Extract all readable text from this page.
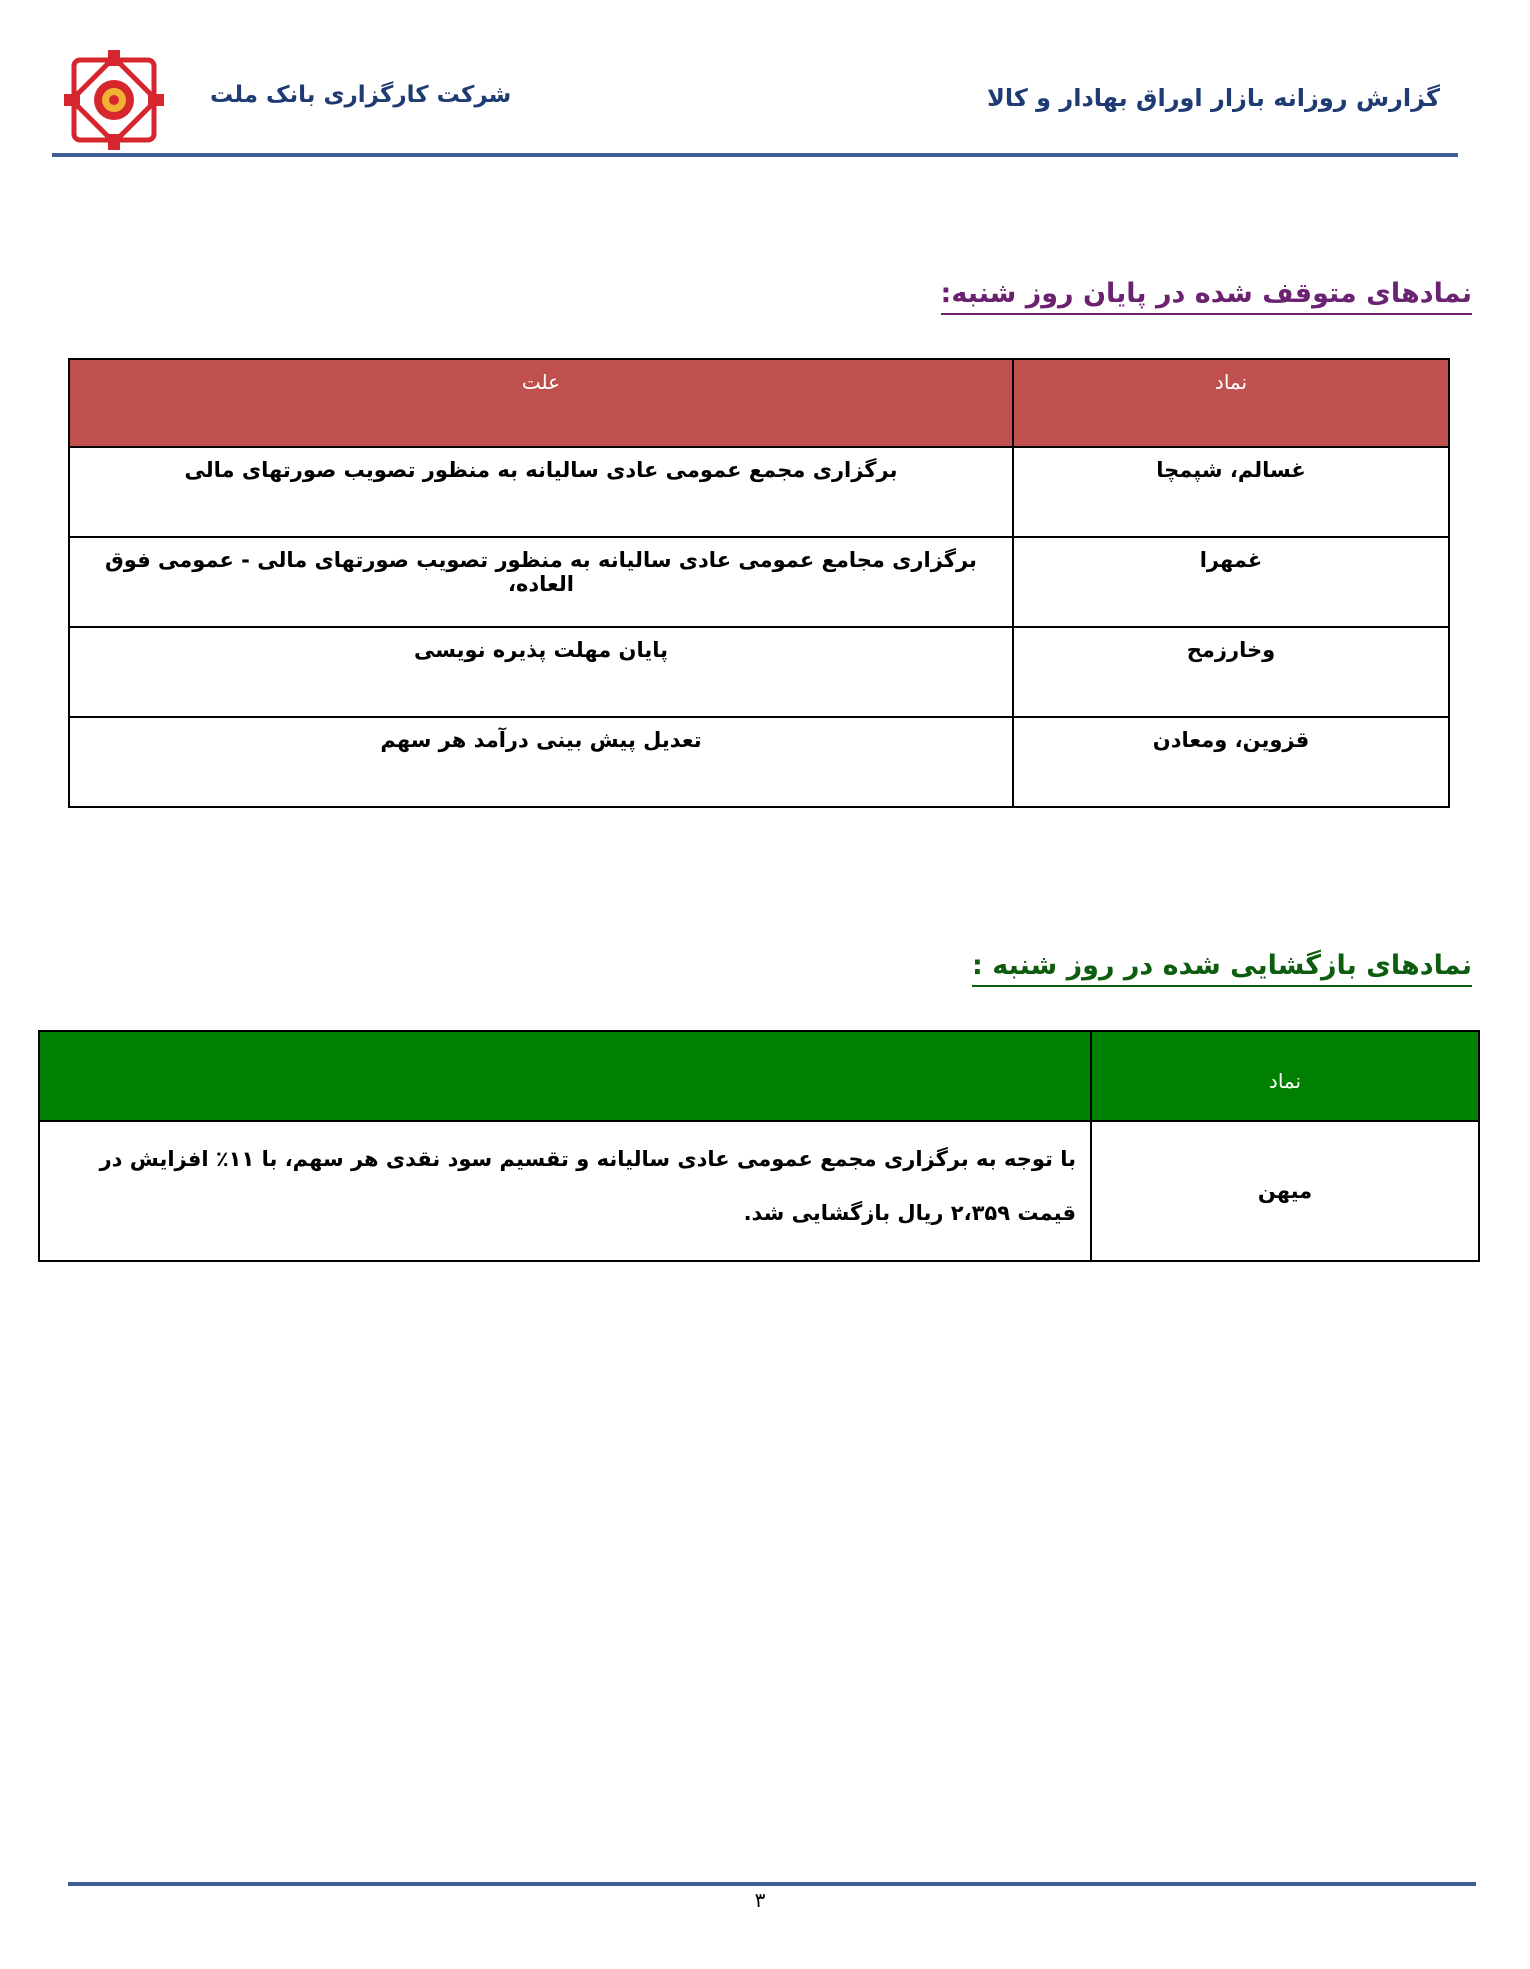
شرکت کارگزاری بانک ملت	گزارش روزانه بازار اوراق بهادار و کالا
نمادهای متوقف شده در پایان روز شنبه:
نماد	علت
غسالم، شپمچا	برگزاری مجمع عمومی عادی سالیانه به منظور تصویب صورتهای مالی
غمهرا	برگزاری مجامع عمومی عادی سالیانه به منظور تصویب صورتهای مالی - عمومی فوق العاده،
وخارزمح	پایان مهلت پذیره نویسی
قزوین، ومعادن	تعدیل پیش بینی درآمد هر سهم
نمادهای بازگشایی شده در روز شنبه :
نماد	
میهن	با توجه به برگزاری مجمع عمومی عادی سالیانه و تقسیم سود نقدی هر سهم، با ۱۱٪ افزایش در قیمت ۲،۳۵۹ ریال بازگشایی شد.
۳
